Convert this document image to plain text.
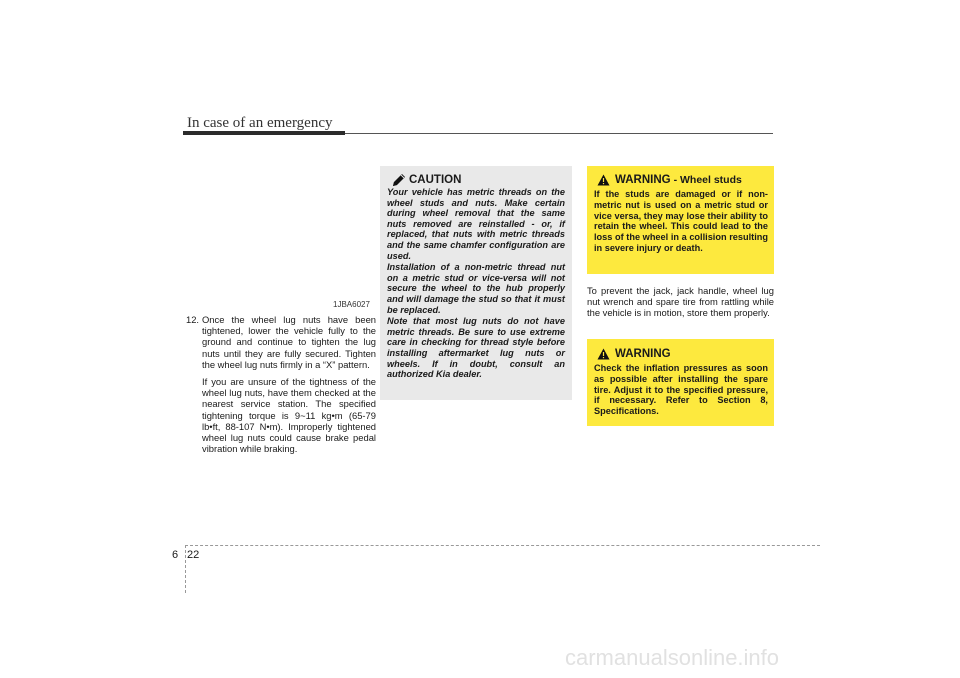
In case of an emergency
1JBA6027
12. Once the wheel lug nuts have been tightened, lower the vehicle fully to the ground and continue to tighten the lug nuts until they are fully secured. Tighten the wheel lug nuts firmly in a “X” pattern.
If you are unsure of the tightness of the wheel lug nuts, have them checked at the nearest service station. The specified tightening torque is 9~11 kg•m (65-79 lb•ft, 88-107 N•m). Improperly tightened wheel lug nuts could cause brake pedal vibration while braking.
CAUTION

Your vehicle has metric threads on the wheel studs and nuts. Make certain during wheel removal that the same nuts removed are reinstalled - or, if replaced, that nuts with metric threads and the same chamfer configuration are used.

Installation of a non-metric thread nut on a metric stud or vice-versa will not secure the wheel to the hub properly and will damage the stud so that it must be replaced.

Note that most lug nuts do not have metric threads. Be sure to use extreme care in checking for thread style before installing aftermarket lug nuts or wheels. If in doubt, consult an authorized Kia dealer.

WARNING - Wheel studs
If the studs are damaged or if non-metric nut is used on a metric stud or vice versa, they may lose their ability to retain the wheel. This could lead to the loss of the wheel in a collision resulting in severe injury or death.
To prevent the jack, jack handle, wheel lug nut wrench and spare tire from rattling while the vehicle is in motion, store them properly.
WARNING
Check the inflation pressures as soon as possible after installing the spare tire. Adjust it to the specified pressure, if necessary. Refer to Section 8, Specifications.
6 22
carmanualsonline.info
